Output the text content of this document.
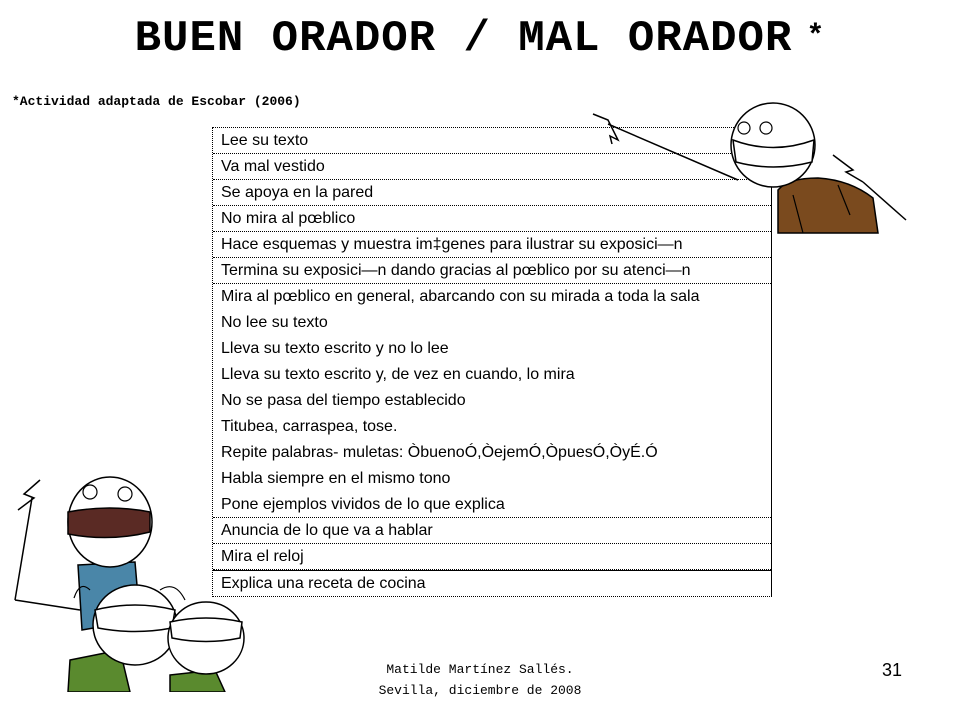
BUEN ORADOR / MAL ORADOR *
*Actividad adaptada de Escobar (2006)
Lee su texto
Va mal vestido
Se apoya en la pared
No mira al pœblico
Hace esquemas y muestra im‡genes para ilustrar su exposici—n
Termina su exposici—n dando gracias al pœblico por su atenci—n
Mira al pœblico en general, abarcando con su mirada a toda la sala
No lee su texto
Lleva su texto escrito y no lo lee
Lleva su texto escrito y, de vez en cuando, lo mira
No se pasa del tiempo establecido
Titubea, carraspea, tose.
Repite palabras- muletas: ÒbuenoÓ,ÒejemÓ,ÒpuesÓ,ÒyÉ.Ó
Habla siempre en el mismo tono
Pone ejemplos vividos de lo que explica
Anuncia de lo que va a hablar
Mira el reloj
Explica una receta de cocina
Matilde Martínez Sallés.
Sevilla, diciembre de 2008
31
